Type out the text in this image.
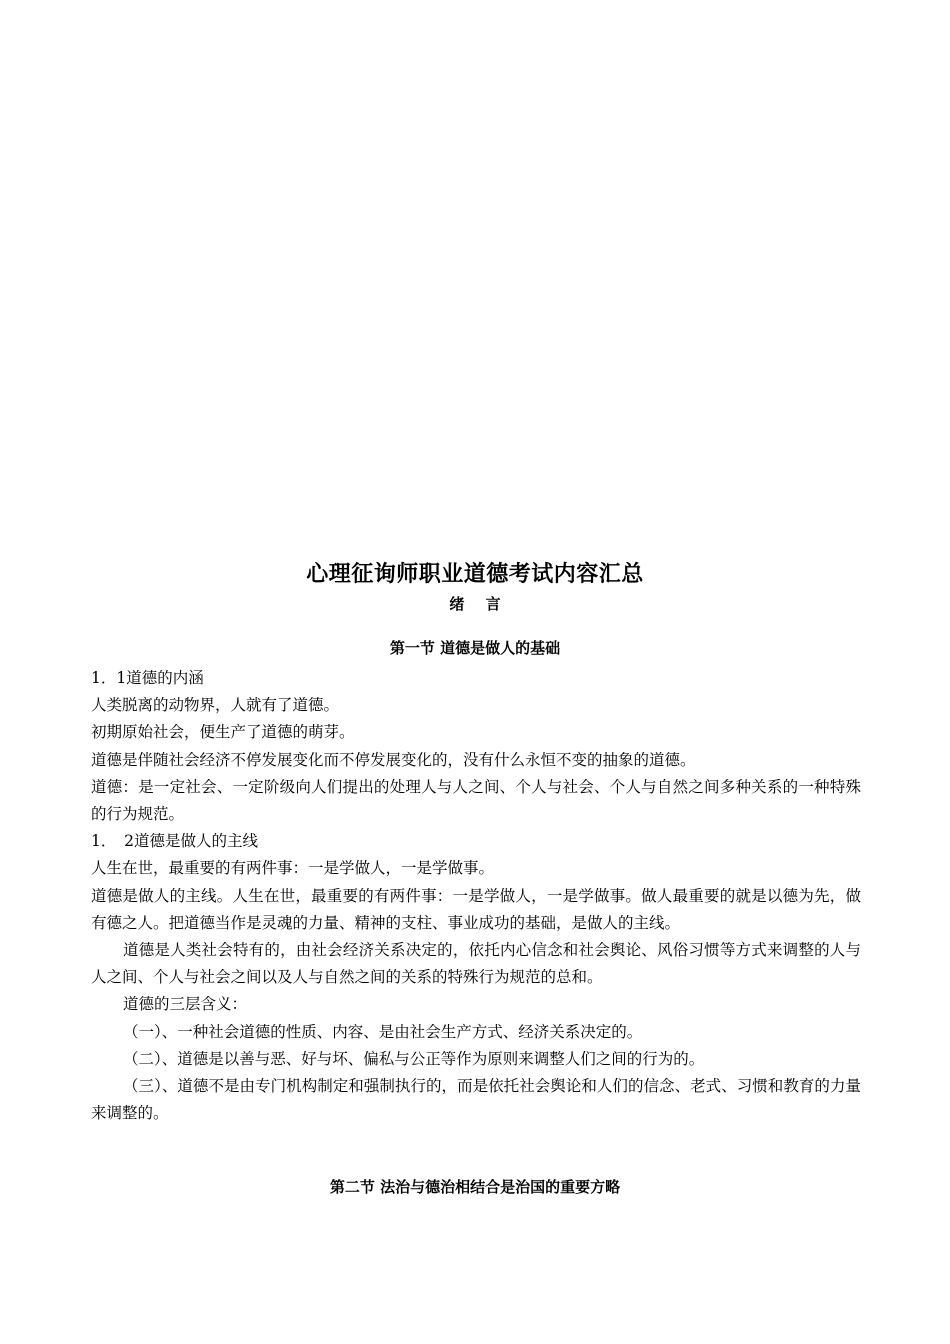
心理征询师职业道德考试内容汇总
绪 言
第一节 道德是做人的基础

1．1道德的内涵

人类脱离的动物界，人就有了道德。

初期原始社会，便生产了道德的萌芽。

道德是伴随社会经济不停发展变化而不停发展变化的，没有什么永恒不变的抽象的道德。

道德：是一定社会、一定阶级向人们提出的处理人与人之间、个人与社会、个人与自然之间多种关系的一种特殊的行为规范。

1．　2道德是做人的主线

人生在世，最重要的有两件事：一是学做人，一是学做事。

道德是做人的主线。人生在世，最重要的有两件事：一是学做人，一是学做事。做人最重要的就是以德为先，做有德之人。把道德当作是灵魂的力量、精神的支柱、事业成功的基础，是做人的主线。

道德是人类社会特有的，由社会经济关系决定的，依托内心信念和社会舆论、风俗习惯等方式来调整的人与人之间、个人与社会之间以及人与自然之间的关系的特殊行为规范的总和。

道德的三层含义：

（一）、一种社会道德的性质、内容、是由社会生产方式、经济关系决定的。

（二）、道德是以善与恶、好与坏、偏私与公正等作为原则来调整人们之间的行为的。

（三）、道德不是由专门机构制定和强制执行的，而是依托社会舆论和人们的信念、老式、习惯和教育的力量来调整的。

第二节 法治与德治相结合是治国的重要方略
